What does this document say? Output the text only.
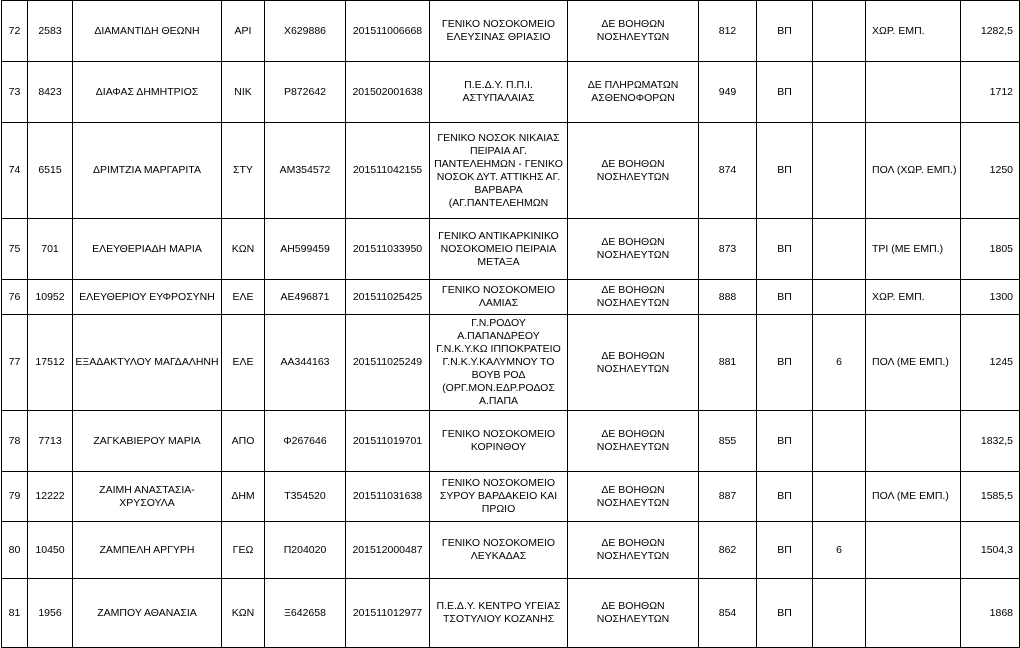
72	2583	ΔΙΑΜΑΝΤΙΔΗ ΘΕΩΝΗ	ΑΡΙ	Χ629886	201511006668	ΓΕΝΙΚΟ ΝΟΣΟΚΟΜΕΙΟ ΕΛΕΥΣΙΝΑΣ ΘΡΙΑΣΙΟ	ΔΕ ΒΟΗΘΩΝ ΝΟΣΗΛΕΥΤΩΝ	812	ΒΠ		ΧΩΡ. ΕΜΠ.	1282,5
73	8423	ΔΙΑΦΑΣ ΔΗΜΗΤΡΙΟΣ	ΝΙΚ	Ρ872642	201502001638	Π.Ε.Δ.Υ. Π.Π.Ι. ΑΣΤΥΠΑΛΑΙΑΣ	ΔΕ ΠΛΗΡΩΜΑΤΩΝ ΑΣΘΕΝΟΦΟΡΩΝ	949	ΒΠ			1712
74	6515	ΔΡΙΜΤΖΙΑ ΜΑΡΓΑΡΙΤΑ	ΣΤΥ	ΑΜ354572	201511042155	ΓΕΝΙΚΟ ΝΟΣΟΚ ΝΙΚΑΙΑΣ ΠΕΙΡΑΙΑ ΑΓ. ΠΑΝΤΕΛΕΗΜΩΝ - ΓΕΝΙΚΟ ΝΟΣΟΚ ΔΥΤ. ΑΤΤΙΚΗΣ ΑΓ. ΒΑΡΒΑΡΑ (ΑΓ.ΠΑΝΤΕΛΕΗΜΩΝ	ΔΕ ΒΟΗΘΩΝ ΝΟΣΗΛΕΥΤΩΝ	874	ΒΠ		ΠΟΛ (ΧΩΡ. ΕΜΠ.)	1250
75	701	ΕΛΕΥΘΕΡΙΑΔΗ ΜΑΡΙΑ	ΚΩΝ	ΑΗ599459	201511033950	ΓΕΝΙΚΟ ΑΝΤΙΚΑΡΚΙΝΙΚΟ ΝΟΣΟΚΟΜΕΙΟ ΠΕΙΡΑΙΑ ΜΕΤΑΞΑ	ΔΕ ΒΟΗΘΩΝ ΝΟΣΗΛΕΥΤΩΝ	873	ΒΠ		ΤΡΙ (ΜΕ ΕΜΠ.)	1805
76	10952	ΕΛΕΥΘΕΡΙΟΥ ΕΥΦΡΟΣΥΝΗ	ΕΛΕ	ΑΕ496871	201511025425	ΓΕΝΙΚΟ ΝΟΣΟΚΟΜΕΙΟ ΛΑΜΙΑΣ	ΔΕ ΒΟΗΘΩΝ ΝΟΣΗΛΕΥΤΩΝ	888	ΒΠ		ΧΩΡ. ΕΜΠ.	1300
77	17512	ΕΞΑΔΑΚΤΥΛΟΥ ΜΑΓΔΑΛΗΝΗ	ΕΛΕ	ΑΑ344163	201511025249	Γ.Ν.ΡΟΔΟΥ Α.ΠΑΠΑΝΔΡΕΟΥ Γ.Ν.Κ.Υ.ΚΩ ΙΠΠΟΚΡΑΤΕΙΟ Γ.Ν.Κ.Υ.ΚΑΛΥΜΝΟΥ ΤΟ ΒΟΥΒ ΡΟΔ (ΟΡΓ.ΜΟΝ.ΕΔΡ.ΡΟΔΟΣ Α.ΠΑΠΑ	ΔΕ ΒΟΗΘΩΝ ΝΟΣΗΛΕΥΤΩΝ	881	ΒΠ	6	ΠΟΛ (ΜΕ ΕΜΠ.)	1245
78	7713	ΖΑΓΚΑΒΙΕΡΟΥ ΜΑΡΙΑ	ΑΠΟ	Φ267646	201511019701	ΓΕΝΙΚΟ ΝΟΣΟΚΟΜΕΙΟ ΚΟΡΙΝΘΟΥ	ΔΕ ΒΟΗΘΩΝ ΝΟΣΗΛΕΥΤΩΝ	855	ΒΠ			1832,5
79	12222	ΖΑΙΜΗ ΑΝΑΣΤΑΣΙΑ-ΧΡΥΣΟΥΛΑ	ΔΗΜ	Τ354520	201511031638	ΓΕΝΙΚΟ ΝΟΣΟΚΟΜΕΙΟ ΣΥΡΟΥ ΒΑΡΔΑΚΕΙΟ ΚΑΙ ΠΡΩΙΟ	ΔΕ ΒΟΗΘΩΝ ΝΟΣΗΛΕΥΤΩΝ	887	ΒΠ		ΠΟΛ (ΜΕ ΕΜΠ.)	1585,5
80	10450	ΖΑΜΠΕΛΗ ΑΡΓΥΡΗ	ΓΕΩ	Π204020	201512000487	ΓΕΝΙΚΟ ΝΟΣΟΚΟΜΕΙΟ ΛΕΥΚΑΔΑΣ	ΔΕ ΒΟΗΘΩΝ ΝΟΣΗΛΕΥΤΩΝ	862	ΒΠ	6		1504,3
81	1956	ΖΑΜΠΟΥ ΑΘΑΝΑΣΙΑ	ΚΩΝ	Ξ642658	201511012977	Π.Ε.Δ.Υ. ΚΕΝΤΡΟ ΥΓΕΙΑΣ ΤΣΟΤΥΛΙΟΥ ΚΟΖΑΝΗΣ	ΔΕ ΒΟΗΘΩΝ ΝΟΣΗΛΕΥΤΩΝ	854	ΒΠ			1868
